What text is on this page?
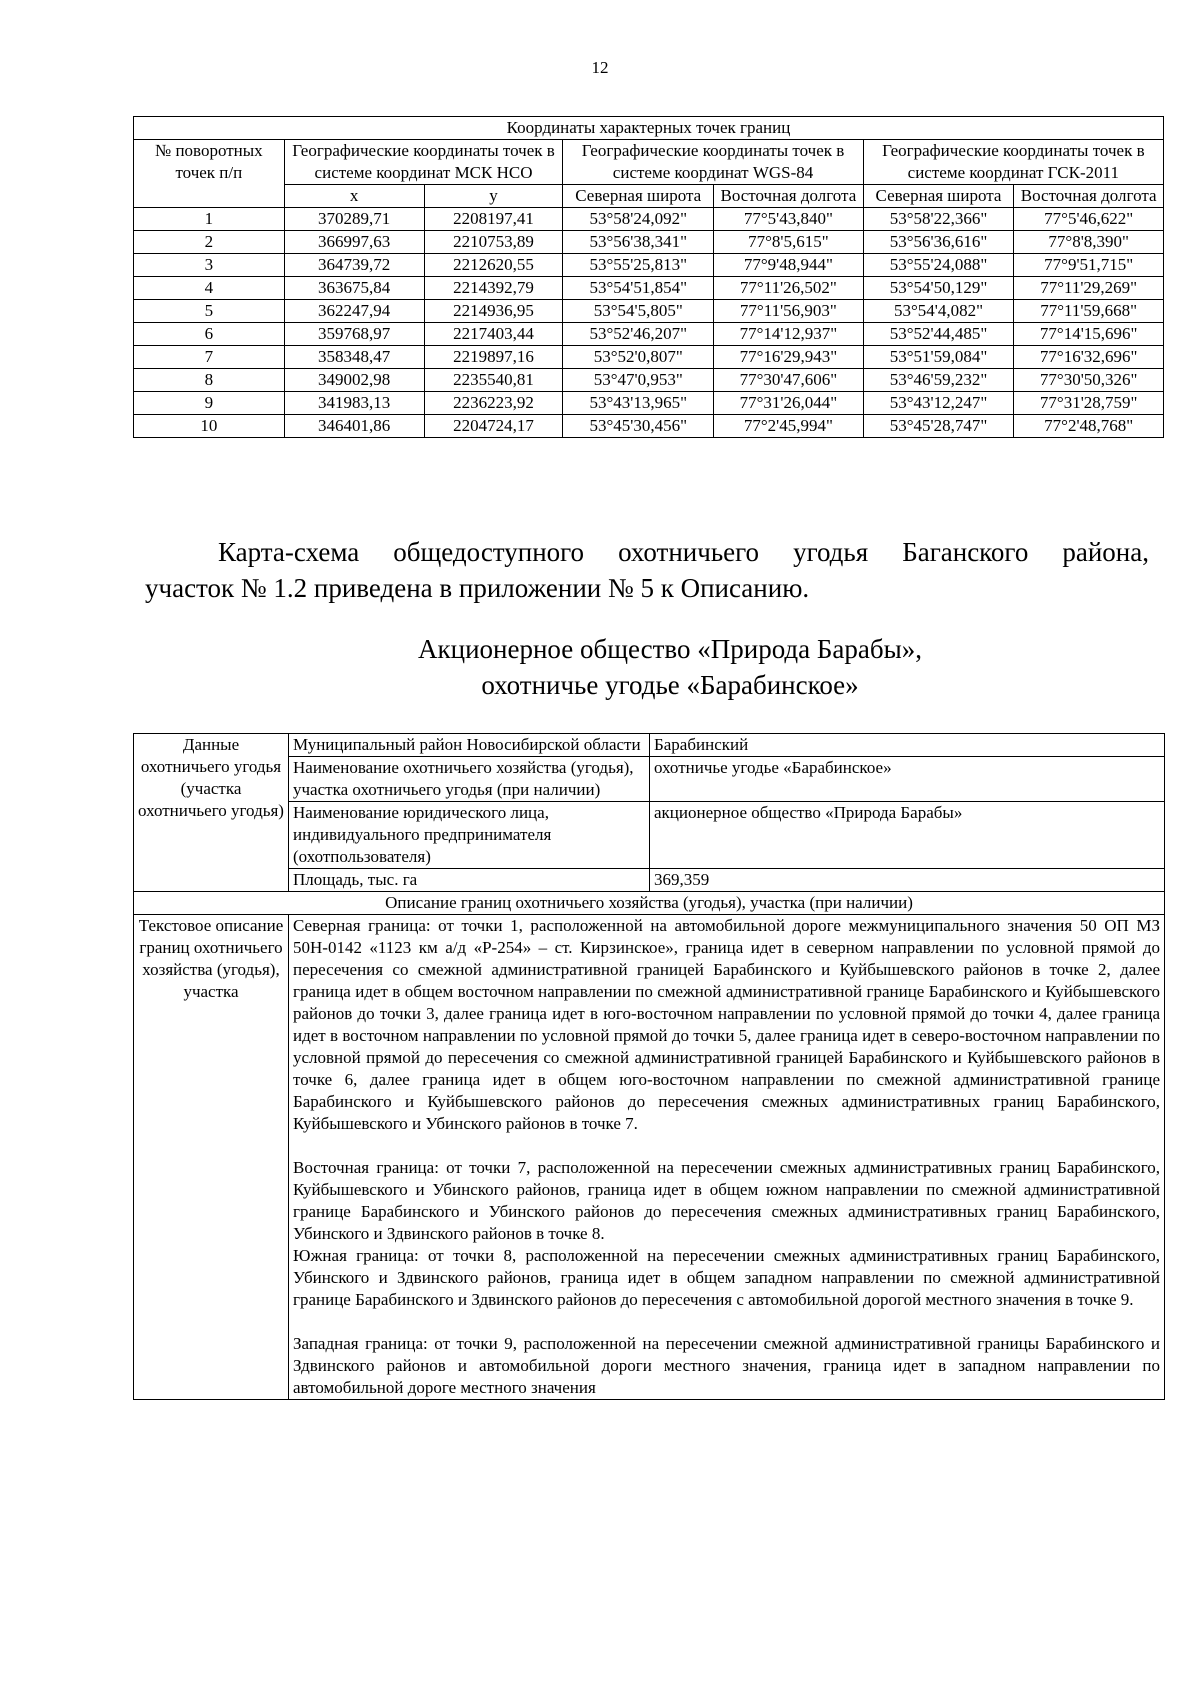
12
Координаты характерных точек границ						
№ поворотных точек п/п	Географические координаты точек в системе координат МСК НСО		Географические координаты точек в системе координат WGS-84		Географические координаты точек в системе координат ГСК-2011	
	x	y	Северная широта	Восточная долгота	Северная широта	Восточная долгота
1	370289,71	2208197,41	53°58'24,092"	77°5'43,840"	53°58'22,366"	77°5'46,622"
2	366997,63	2210753,89	53°56'38,341"	77°8'5,615"	53°56'36,616"	77°8'8,390"
3	364739,72	2212620,55	53°55'25,813"	77°9'48,944"	53°55'24,088"	77°9'51,715"
4	363675,84	2214392,79	53°54'51,854"	77°11'26,502"	53°54'50,129"	77°11'29,269"
5	362247,94	2214936,95	53°54'5,805"	77°11'56,903"	53°54'4,082"	77°11'59,668"
6	359768,97	2217403,44	53°52'46,207"	77°14'12,937"	53°52'44,485"	77°14'15,696"
7	358348,47	2219897,16	53°52'0,807"	77°16'29,943"	53°51'59,084"	77°16'32,696"
8	349002,98	2235540,81	53°47'0,953"	77°30'47,606"	53°46'59,232"	77°30'50,326"
9	341983,13	2236223,92	53°43'13,965"	77°31'26,044"	53°43'12,247"	77°31'28,759"
10	346401,86	2204724,17	53°45'30,456"	77°2'45,994"	53°45'28,747"	77°2'48,768"
Карта-схема общедоступного охотничьего угодья Баганского района,
участок № 1.2 приведена в приложении № 5 к Описанию.
Акционерное общество «Природа Барабы»,
охотничье угодье «Барабинское»
Данные охотничьего угодья (участка охотничьего угодья)	Муниципальный район Новосибирской области	Барабинский
	Наименование охотничьего хозяйства (угодья), участка охотничьего угодья (при наличии)	охотничье угодье «Барабинское»
	Наименование юридического лица, индивидуального предпринимателя (охотпользователя)	акционерное общество «Природа Барабы»
	Площадь, тыс. га	369,359
Описание границ охотничьего хозяйства (угодья), участка (при наличии)		
Текстовое описание границ охотничьего хозяйства (угодья), участка	Северная граница: от точки 1, расположенной на автомобильной дороге межмуниципального значения 50 ОП МЗ 50Н-0142 «1123 км а/д «Р-254» – ст. Кирзинское», граница идет в северном направлении по условной прямой до пересечения со смежной административной границей Барабинского и Куйбышевского районов в точке 2, далее граница идет в общем восточном направлении по смежной административной границе Барабинского и Куйбышевского районов до точки 3, далее граница идет в юго-восточном направлении по условной прямой до точки 4, далее граница идет в восточном направлении по условной прямой до точки 5, далее граница идет в северо-восточном направлении по условной прямой до пересечения со смежной административной границей Барабинского и Куйбышевского районов в точке 6, далее граница идет в общем юго-восточном направлении по смежной административной границе Барабинского и Куйбышевского районов до пересечения смежных административных границ Барабинского, Куйбышевского и Убинского районов в точке 7.

Восточная граница: от точки 7, расположенной на пересечении смежных административных границ Барабинского, Куйбышевского и Убинского районов, граница идет в общем южном направлении по смежной административной границе Барабинского и Убинского районов до пересечения смежных административных границ Барабинского, Убинского и Здвинского районов в точке 8.

Южная граница: от точки 8, расположенной на пересечении смежных административных границ Барабинского, Убинского и Здвинского районов, граница идет в общем западном направлении по смежной административной границе Барабинского и Здвинского районов до пересечения с автомобильной дорогой местного значения в точке 9.

Западная граница: от точки 9, расположенной на пересечении смежной административной границы Барабинского и Здвинского районов и автомобильной дороги местного значения, граница идет в западном направлении по автомобильной дороге местного значения	
